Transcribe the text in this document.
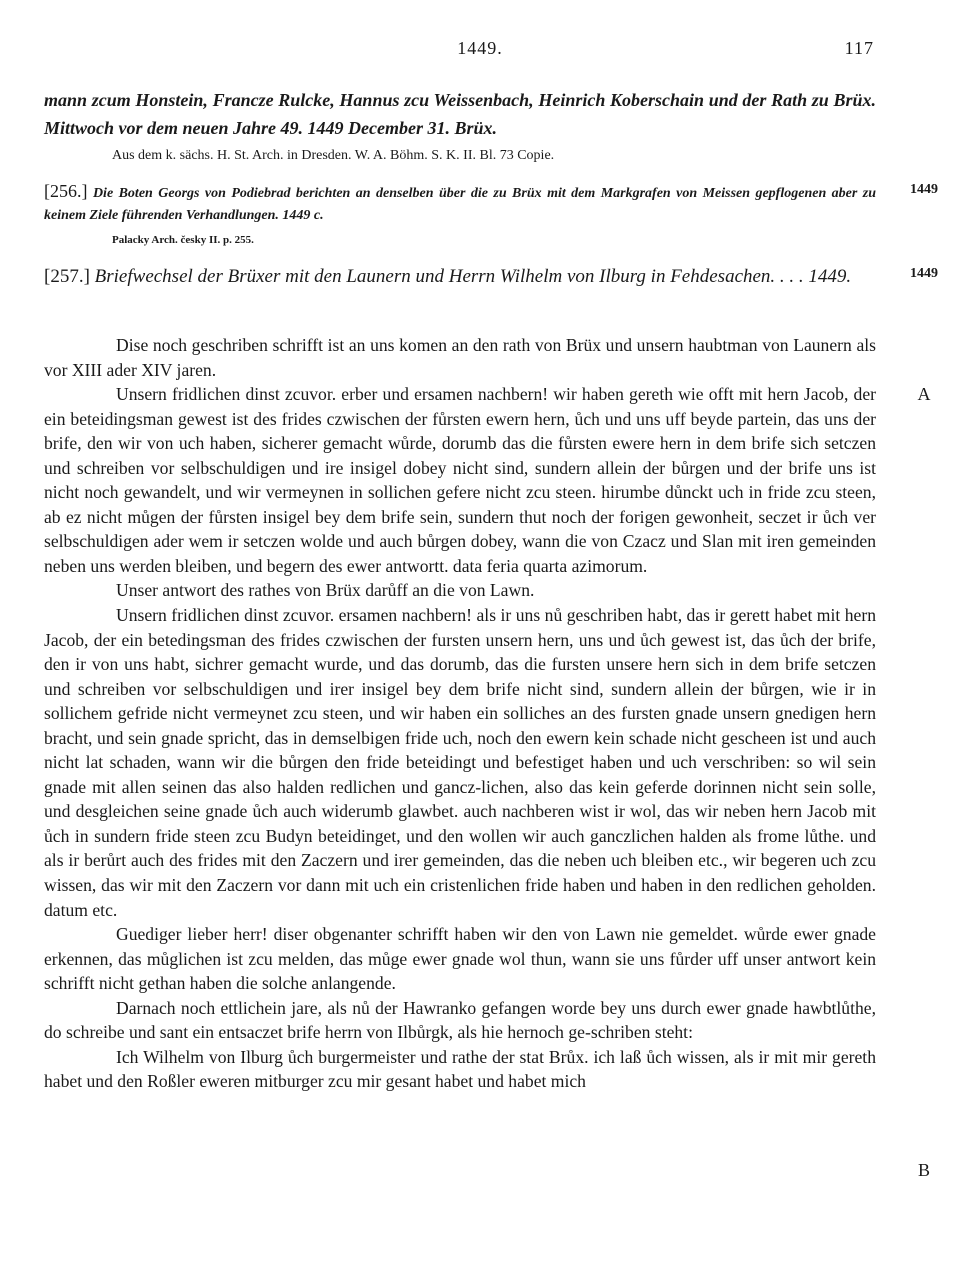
1449.	117
mann zcum Honstein, Francze Rulcke, Hannus zcu Weissenbach, Heinrich Koberschain und der Rath zu Brüx. Mittwoch vor dem neuen Jahre 49. 1449 December 31. Brüx.
Aus dem k. sächs. H. St. Arch. in Dresden. W. A. Böhm. S. K. II. Bl. 73 Copie.
[256.] Die Boten Georgs von Podiebrad berichten an denselben über die zu Brüx mit dem Markgrafen von Meissen gepflogenen aber zu keinem Ziele führenden Verhandlungen. 1449 c.
Palacky Arch. česky II. p. 255.
1449
[257.] Briefwechsel der Brüxer mit den Launern und Herrn Wilhelm von Ilburg in Fehdesachen. . . . 1449.	1449

Dise noch geschriben schrifft ist an uns komen an den rath von Brüx und unsern haubtman von Launern als vor XIII ader XIV jaren.

Unsern fridlichen dinst zcuvor. erber und ersamen nachbern! wir haben gereth wie offt mit hern Jacob, der ein beteidingsman gewest ist des frides czwischen der fůrsten ewern hern, ůch und uns uff beyde partein, das uns der brife, den wir von uch haben, sicherer gemacht wůrde, dorumb das die fůrsten ewere hern in dem brife sich setczen und schreiben vor selbschuldigen und ire insigel dobey nicht sind, sundern allein der bůrgen und der brife uns ist nicht noch gewandelt, und wir vermeynen in sollichen gefere nicht zcu steen. hirumbe důnckt uch in fride zcu steen, ab ez nicht můgen der fůrsten insigel bey dem brife sein, sundern thut noch der forigen gewonheit, seczet ir ůch ver selbschuldigen ader wem ir setczen wolde und auch bůrgen dobey, wann die von Czacz und Slan mit iren gemeinden neben uns werden bleiben, und begern des ewer antwortt. data feria quarta azimorum.

Unser antwort des rathes von Brüx darůff an die von Lawn.

Unsern fridlichen dinst zcuvor. ersamen nachbern! als ir uns nů geschriben habt, das ir gerett habet mit hern Jacob, der ein betedingsman des frides czwischen der fursten unsern hern, uns und ůch gewest ist, das ůch der brife, den ir von uns habt, sichrer gemacht wurde, und das dorumb, das die fursten unsere hern sich in dem brife setczen und schreiben vor selbschuldigen und irer insigel bey dem brife nicht sind, sundern allein der bůrgen, wie ir in sollichem gefride nicht vermeynet zcu steen, und wir haben ein solliches an des fursten gnade unsern gnedigen hern bracht, und sein gnade spricht, das in demselbigen fride uch, noch den ewern kein schade nicht gescheen ist und auch nicht lat schaden, wann wir die bůrgen den fride beteidingt und befestiget haben und uch verschriben: so wil sein gnade mit allen seinen das also halden redlichen und gancz-lichen, also das kein geferde dorinnen nicht sein solle, und desgleichen seine gnade ůch auch widerumb glawbet. auch nachberen wist ir wol, das wir neben hern Jacob mit ůch in sundern fride steen zcu Budyn beteidinget, und den wollen wir auch ganczlichen halden als frome lůthe. und als ir berůrt auch des frides mit den Zaczern und irer gemeinden, das die neben uch bleiben etc., wir begeren uch zcu wissen, das wir mit den Zaczern vor dann mit uch ein cristenlichen fride haben und haben in den redlichen geholden. datum etc.

Guediger lieber herr! diser obgenanter schrifft haben wir den von Lawn nie gemeldet. wůrde ewer gnade erkennen, das můglichen ist zcu melden, das můge ewer gnade wol thun, wann sie uns fůrder uff unser antwort kein schrifft nicht gethan haben die solche anlangende.

Darnach noch ettlichein jare, als nů der Hawranko gefangen worde bey uns durch ewer gnade hawbtlůthe, do schreibe und sant ein entsaczet brife herrn von Ilbůrgk, als hie hernoch ge-schriben steht:

Ich Wilhelm von Ilburg ůch burgermeister und rathe der stat Brůx. ich laß ůch wissen, als ir mit mir gereth habet und den Roßler eweren mitburger zcu mir gesant habet und habet mich

A
B
